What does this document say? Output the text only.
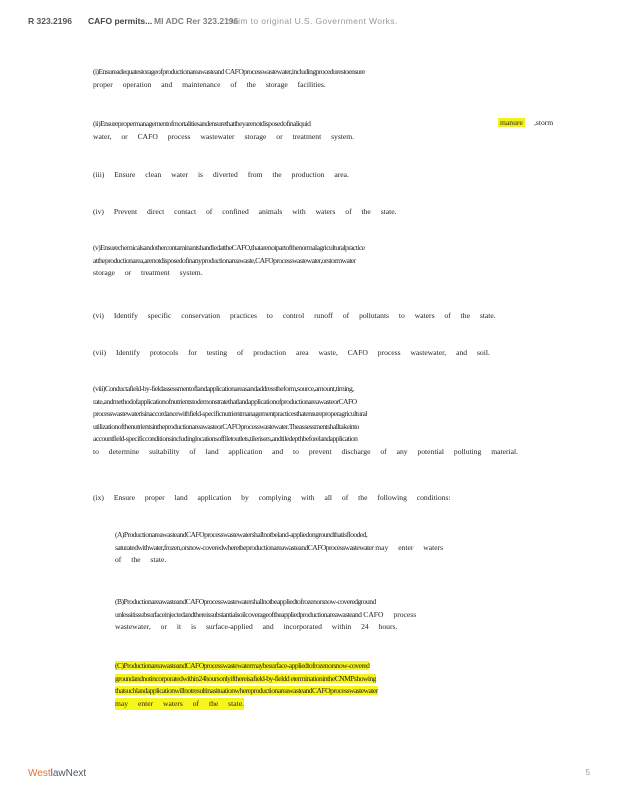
R 323.2196 CAFO permits... MI ADC Rer 323.2196
claim to original U.S. Government Works.
(i)Ensureadequatestorageofproductionareawasteand CAFOprocesswastewater,includingprocedurestoensure
proper operation and maintenance of the storage facilities.
(ii)Ensurepropermanagementofmortalitiesandensurethattheyarenotdisposedofinaliquid
water, or CAFO process wastewater storage or treatment system.
manure ,storm
(iii) Ensure clean water is diverted from the production area.
(iv) Prevent direct contact of confined animals with waters of the state.
(v)EnsurechemicalsandothercontaminantshandledattheCAFO,thatarenotpartofthenormalagriculturalpractice
attheproductionarea,arenotdisposedofinanyproductionareawaste,CAFOprocesswastewater,orstormwater
storage or treatment system.
(vi) Identify specific conservation practices to control runoff of pollutants to waters of the state.
(vii) Identify protocols for testing of production area waste, CAFO process wastewater, and soil.
(viii)Conductafield-by-fieldassessmentoflandapplicationareasandaddresstheform,source,amount,timing,
rate,andmethodofapplicationofnutrientstodemonstratethatlandapplicationofproductionareawasteorCAFO
processwastewaterisinaccordancewithfield-specificnutrientmanagementpracticesthatensureproperagricultural
utilizationofthenutrientsintheproductionareawasteorCAFOprocesswastewater.Theassessmentshalltakeinto
accountfield-specificconditionsincludinglocationsoffiletoutlets,tilerisers,andtiledepthbeforelandapplication
to determine suitability of land application and to prevent discharge of any potential polluting material.
(ix) Ensure proper land application by complying with all of the following conditions:
(A)ProductionareawasteandCAFOprocesswastewatershallnotbeland-appliedongroundthatisflooded, saturatedwithwater,frozen,orsnow-coveredwheretheproductionareawasteandCAFOprocesswastewater may enter waters of the state.
(B)ProductionareawasteandCAFOprocesswastewatershallnotbeappliedtofrozenorsnow-coveredground unlessitissubsurfaceinjectedandthereissubstantialsoilcoverageoftheappliedproductionareawasteand CAFO process wastewater, or it is surface-applied and incorporated within 24 hours.
(C)ProductionareawasteandCAFOprocesswastewatermaybesurface-appliedtofrozenorsnow-covered groundandnotincorporatedwithin24hoursonlyifthereisafield-by-fieldd eterminationintheCNMPshowing thatsuchlandapplicationwillnotresultinasituationwhereproductionareawasteandCAFOprocesswastewater may enter waters of the state.
WestlawNext	5
